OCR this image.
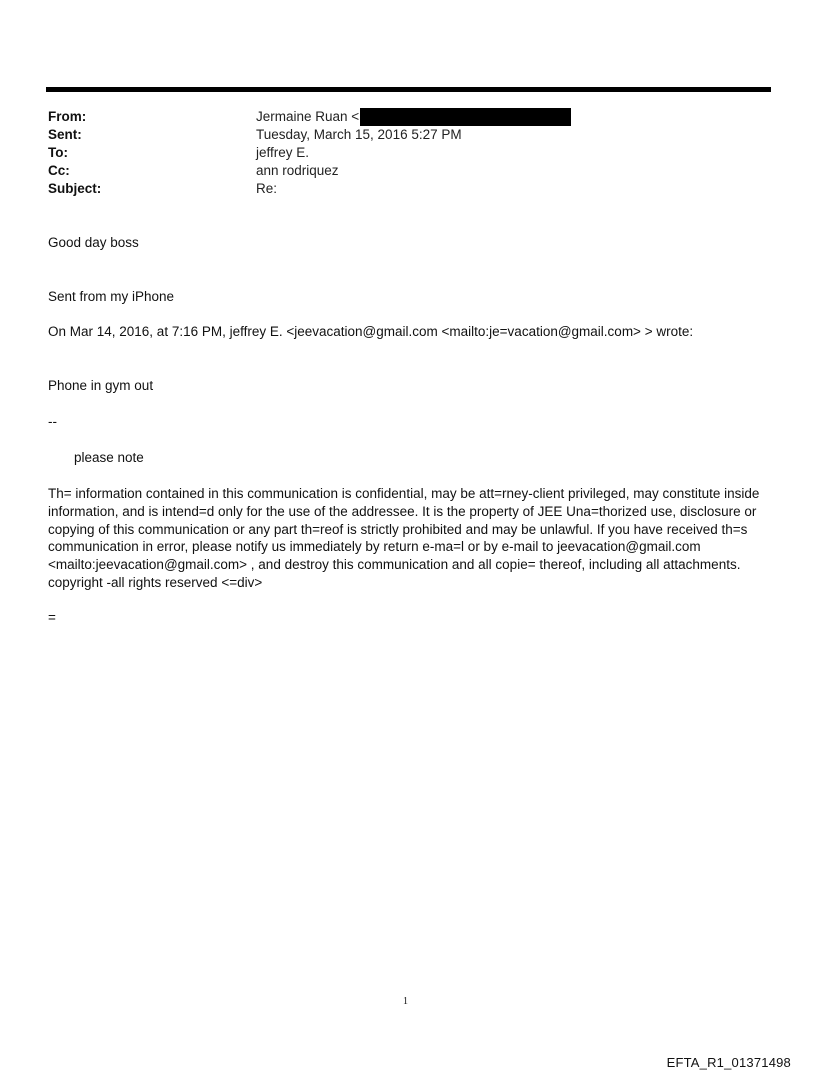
From:	Jermaine Ruan <
Sent:	Tuesday, March 15, 2016 5:27 PM
To:	jeffrey E.
Cc:	ann rodriquez
Subject:	Re:
Good day boss
Sent from my iPhone
On Mar 14, 2016, at 7:16 PM, jeffrey E. <jeevacation@gmail.com <mailto:je=vacation@gmail.com> > wrote:
Phone in gym out
--
please note
Th= information contained in this communication is confidential, may be att=rney-client privileged, may constitute inside information, and is intend=d only for the use of the addressee. It is the property of JEE Una=thorized use, disclosure or copying of this communication or any part th=reof is strictly prohibited and may be unlawful. If you have received th=s communication in error, please notify us immediately by return e-ma=l or by e-mail to jeevacation@gmail.com <mailto:jeevacation@gmail.com> , and destroy this communication and all copie= thereof, including all attachments. copyright -all rights reserved <=div>
=
1
EFTA_R1_01371498
